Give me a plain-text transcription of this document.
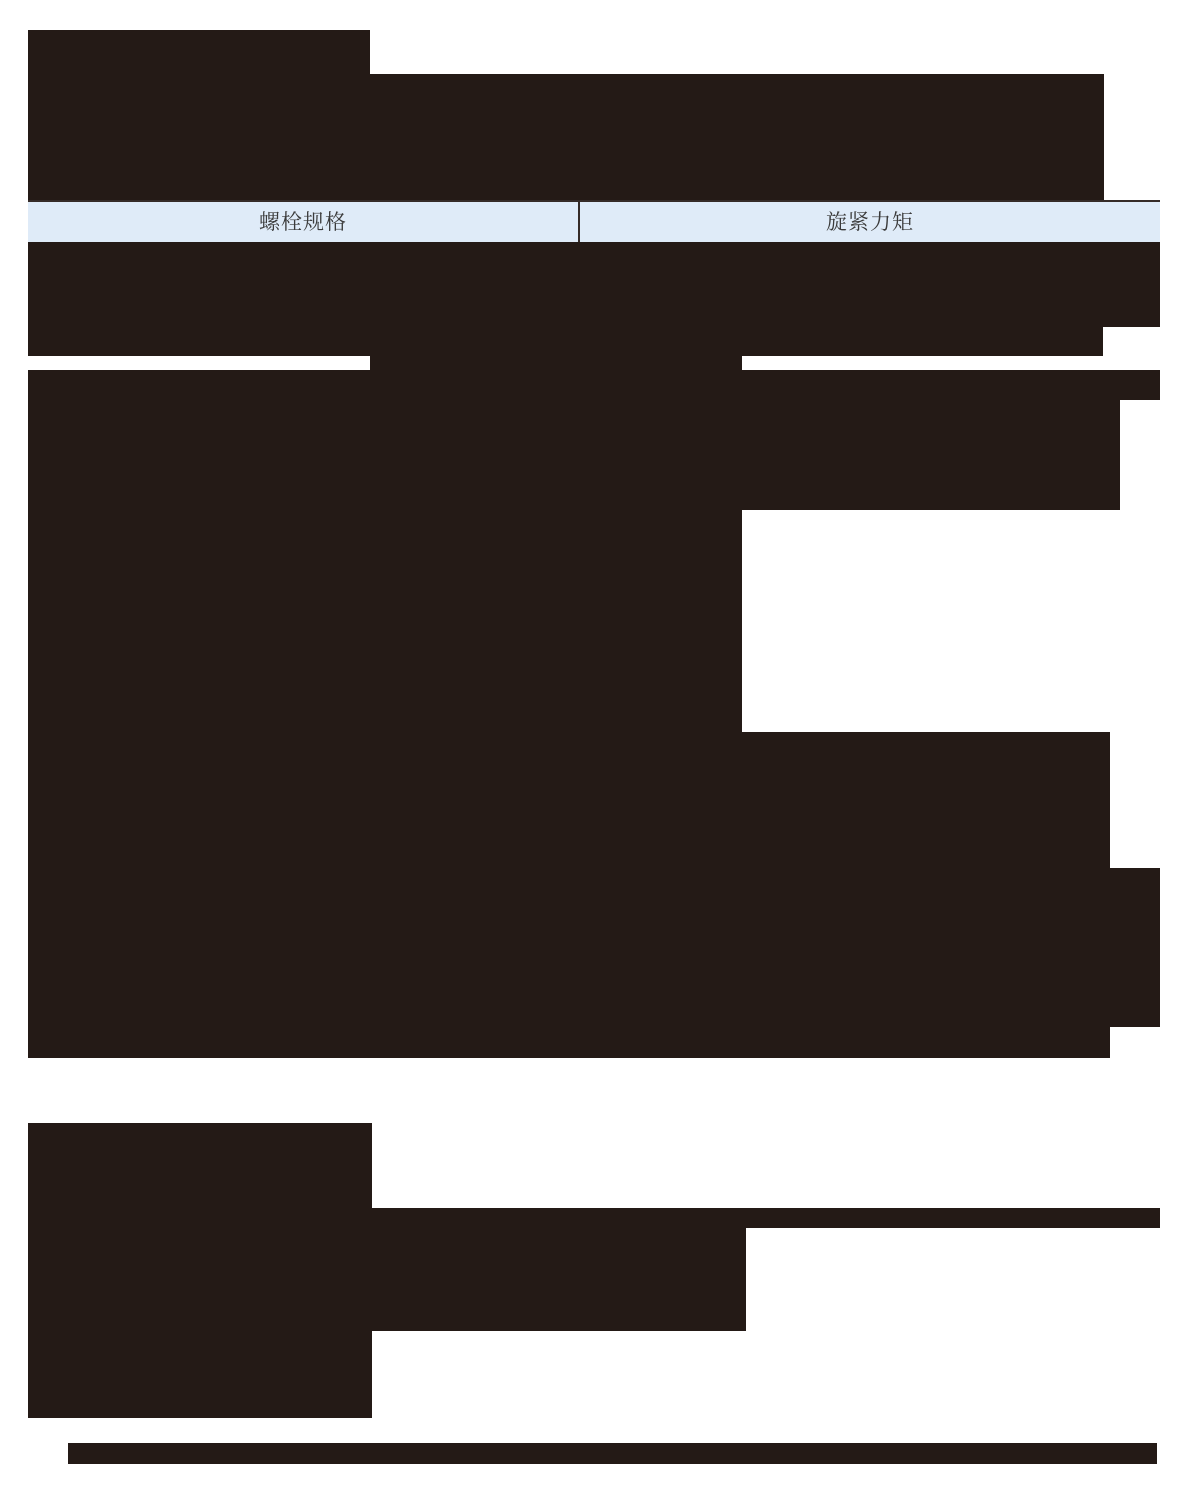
螺栓规格	旋紧力矩
